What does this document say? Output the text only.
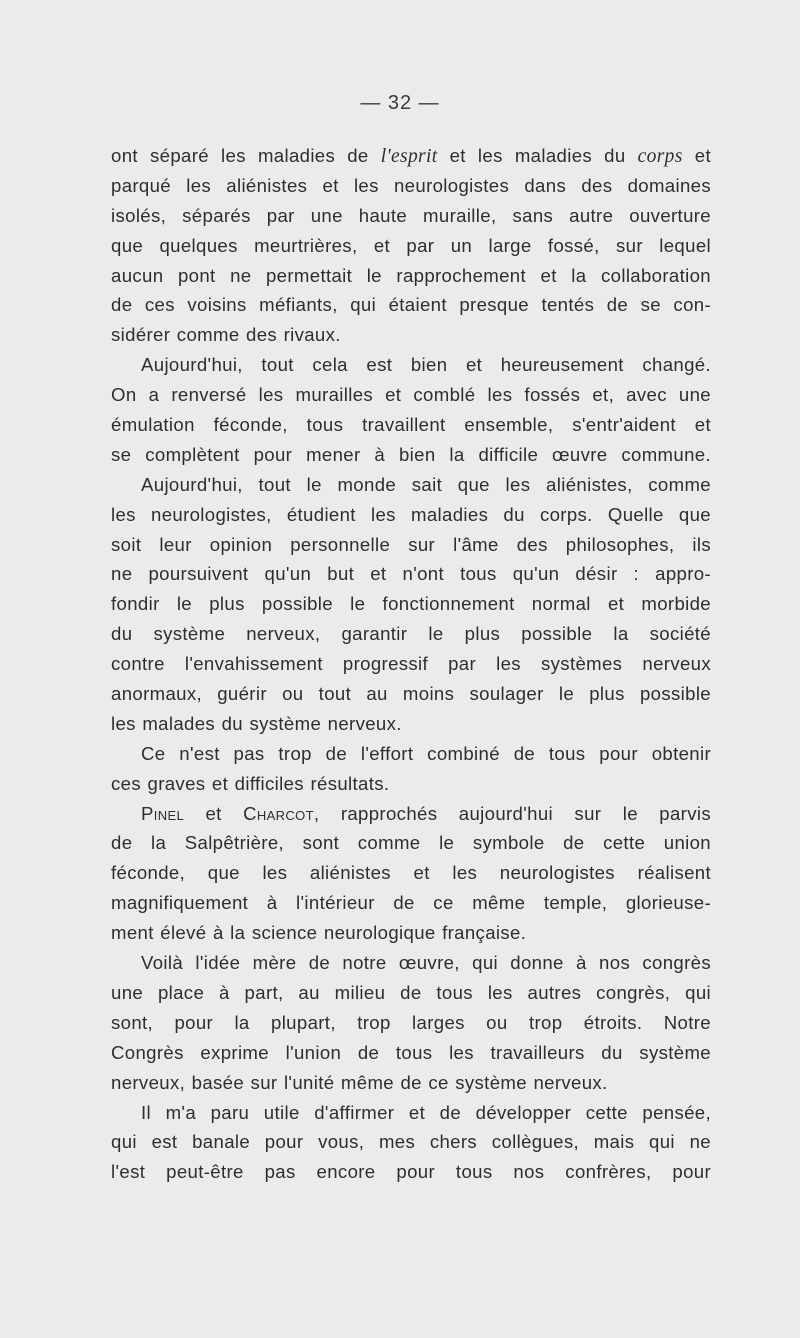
— 32 —
ont séparé les maladies de l'esprit et les maladies du corps et
parqué les aliénistes et les neurologistes dans des domaines
isolés, séparés par une haute muraille, sans autre ouverture
que quelques meurtrières, et par un large fossé, sur lequel
aucun pont ne permettait le rapprochement et la collaboration
de ces voisins méfiants, qui étaient presque tentés de se con-
sidérer comme des rivaux.
Aujourd'hui, tout cela est bien et heureusement changé.
On a renversé les murailles et comblé les fossés et, avec une
émulation féconde, tous travaillent ensemble, s'entr'aident et
se complètent pour mener à bien la difficile œuvre commune.
Aujourd'hui, tout le monde sait que les aliénistes, comme
les neurologistes, étudient les maladies du corps. Quelle que
soit leur opinion personnelle sur l'âme des philosophes, ils
ne poursuivent qu'un but et n'ont tous qu'un désir : appro-
fondir le plus possible le fonctionnement normal et morbide
du système nerveux, garantir le plus possible la société
contre l'envahissement progressif par les systèmes nerveux
anormaux, guérir ou tout au moins soulager le plus possible
les malades du système nerveux.
Ce n'est pas trop de l'effort combiné de tous pour obtenir
ces graves et difficiles résultats.
Pinel et Charcot, rapprochés aujourd'hui sur le parvis
de la Salpêtrière, sont comme le symbole de cette union
féconde, que les aliénistes et les neurologistes réalisent
magnifiquement à l'intérieur de ce même temple, glorieuse-
ment élevé à la science neurologique française.
Voilà l'idée mère de notre œuvre, qui donne à nos congrès
une place à part, au milieu de tous les autres congrès, qui
sont, pour la plupart, trop larges ou trop étroits. Notre
Congrès exprime l'union de tous les travailleurs du système
nerveux, basée sur l'unité même de ce système nerveux.
Il m'a paru utile d'affirmer et de développer cette pensée,
qui est banale pour vous, mes chers collègues, mais qui ne
l'est peut-être pas encore pour tous nos confrères, pour
